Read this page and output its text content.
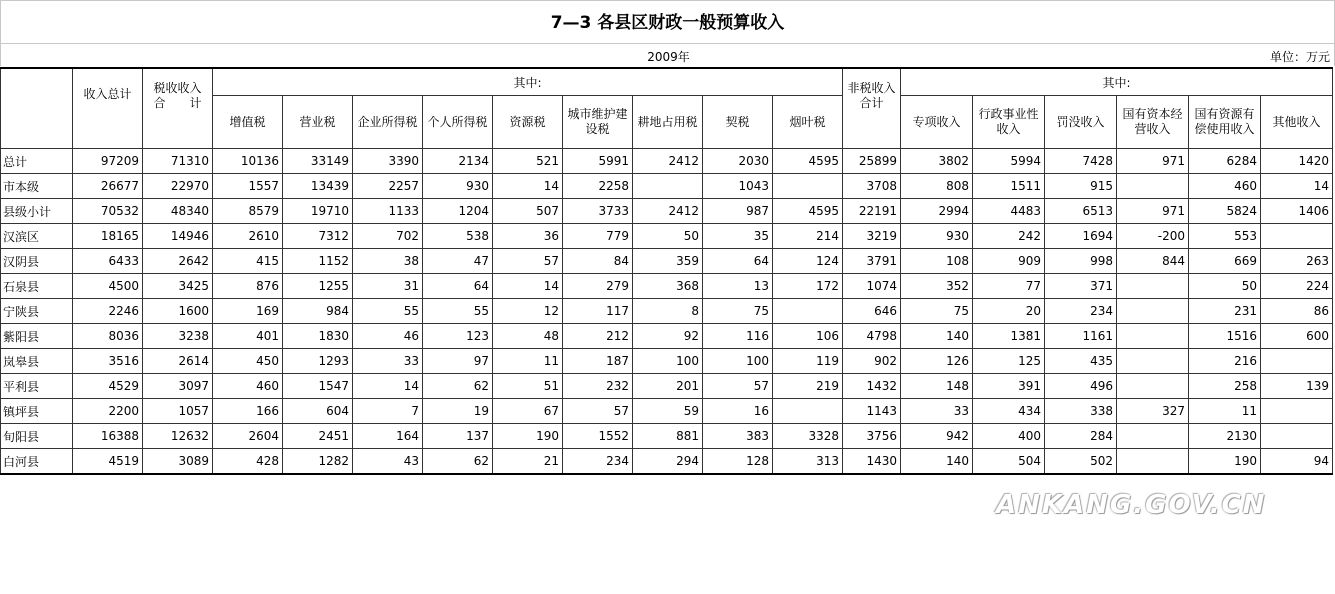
7—3 各县区财政一般预算收入
2009年	单位：万元
	收入总计	税收收入
合　　计	其中:									非税收入合计	其中:					
			增值税	营业税	企业所得税	个人所得税	资源税	城市维护建设税	耕地占用税	契税	烟叶税		专项收入	行政事业性收入	罚没收入	国有资本经营收入	国有资源有偿使用收入	其他收入
总计	97209	71310	10136	33149	3390	2134	521	5991	2412	2030	4595	25899	3802	5994	7428	971	6284	1420
市本级	26677	22970	1557	13439	2257	930	14	2258		1043		3708	808	1511	915		460	14
县级小计	70532	48340	8579	19710	1133	1204	507	3733	2412	987	4595	22191	2994	4483	6513	971	5824	1406
汉滨区	18165	14946	2610	7312	702	538	36	779	50	35	214	3219	930	242	1694	-200	553	
汉阴县	6433	2642	415	1152	38	47	57	84	359	64	124	3791	108	909	998	844	669	263
石泉县	4500	3425	876	1255	31	64	14	279	368	13	172	1074	352	77	371		50	224
宁陕县	2246	1600	169	984	55	55	12	117	8	75		646	75	20	234		231	86
紫阳县	8036	3238	401	1830	46	123	48	212	92	116	106	4798	140	1381	1161		1516	600
岚皋县	3516	2614	450	1293	33	97	11	187	100	100	119	902	126	125	435		216	
平利县	4529	3097	460	1547	14	62	51	232	201	57	219	1432	148	391	496		258	139
镇坪县	2200	1057	166	604	7	19	67	57	59	16		1143	33	434	338	327	11	
旬阳县	16388	12632	2604	2451	164	137	190	1552	881	383	3328	3756	942	400	284		2130	
白河县	4519	3089	428	1282	43	62	21	234	294	128	313	1430	140	504	502		190	94
ANKANG.GOV.CN
